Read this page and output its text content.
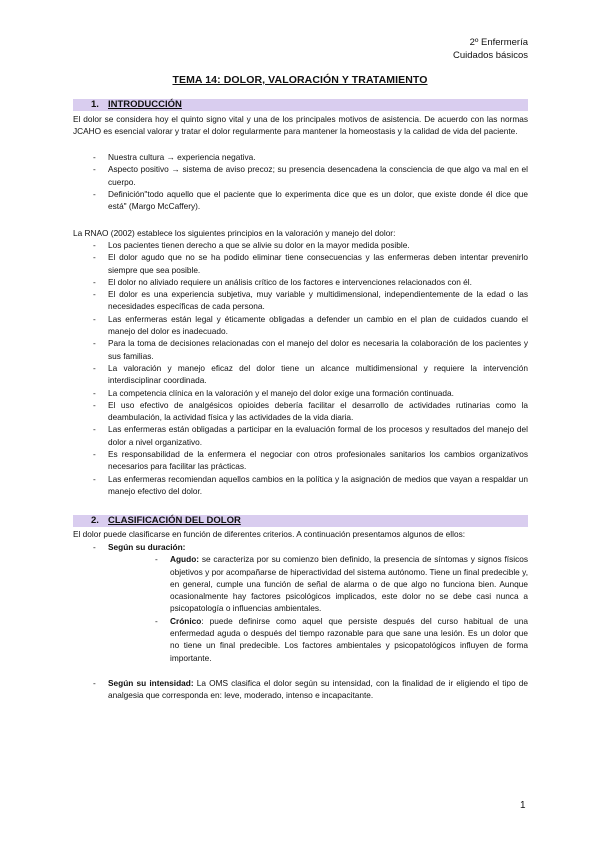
2º Enfermería
Cuidados básicos
TEMA 14: DOLOR, VALORACIÓN Y TRATAMIENTO
1. INTRODUCCIÓN

El dolor se considera hoy el quinto signo vital y una de los principales motivos de asistencia. De acuerdo con las normas JCAHO es esencial valorar y tratar el dolor regularmente para mantener la homeostasis y la calidad de vida del paciente.

- Nuestra cultura → experiencia negativa.
- Aspecto positivo → sistema de aviso precoz; su presencia desencadena la consciencia de que algo va mal en el cuerpo.
- Definición"todo aquello que el paciente que lo experimenta dice que es un dolor, que existe donde él dice que está" (Margo McCaffery).

La RNAO (2002) establece los siguientes principios en la valoración y manejo del dolor:

- Los pacientes tienen derecho a que se alivie su dolor en la mayor medida posible.
- El dolor agudo que no se ha podido eliminar tiene consecuencias y las enfermeras deben intentar prevenirlo siempre que sea posible.
- El dolor no aliviado requiere un análisis crítico de los factores e intervenciones relacionados con él.
- El dolor es una experiencia subjetiva, muy variable y multidimensional, independientemente de la edad o las necesidades específicas de cada persona.
- Las enfermeras están legal y éticamente obligadas a defender un cambio en el plan de cuidados cuando el manejo del dolor es inadecuado.
- Para la toma de decisiones relacionadas con el manejo del dolor es necesaria la colaboración de los pacientes y sus familias.
- La valoración y manejo eficaz del dolor tiene un alcance multidimensional y requiere la intervención interdisciplinar coordinada.
- La competencia clínica en la valoración y el manejo del dolor exige una formación continuada.
- El uso efectivo de analgésicos opioides debería facilitar el desarrollo de actividades rutinarias como la deambulación, la actividad física y las actividades de la vida diaria.
- Las enfermeras están obligadas a participar en la evaluación formal de los procesos y resultados del manejo del dolor a nivel organizativo.
- Es responsabilidad de la enfermera el negociar con otros profesionales sanitarios los cambios organizativos necesarios para facilitar las prácticas.
- Las enfermeras recomiendan aquellos cambios en la política y la asignación de medios que vayan a respaldar un manejo efectivo del dolor.
2. CLASIFICACIÓN DEL DOLOR

El dolor puede clasificarse en función de diferentes criterios. A continuación presentamos algunos de ellos:

- Según su duración:
- Agudo: se caracteriza por su comienzo bien definido, la presencia de síntomas y signos físicos objetivos y por acompañarse de hiperactividad del sistema autónomo. Tiene un final predecible y, en general, cumple una función de señal de alarma o de que algo no funciona bien. Aunque ocasionalmente hay factores psicológicos implicados, este dolor no se debe casi nunca a psicopatología o influencias ambientales.
- Crónico: puede definirse como aquel que persiste después del curso habitual de una enfermedad aguda o después del tiempo razonable para que sane una lesión. Es un dolor que no tiene un final predecible. Los factores ambientales y psicopatológicos influyen de forma importante.
- Según su intensidad: La OMS clasifica el dolor según su intensidad, con la finalidad de ir eligiendo el tipo de analgesia que corresponda en: leve, moderado, intenso e incapacitante.
1
